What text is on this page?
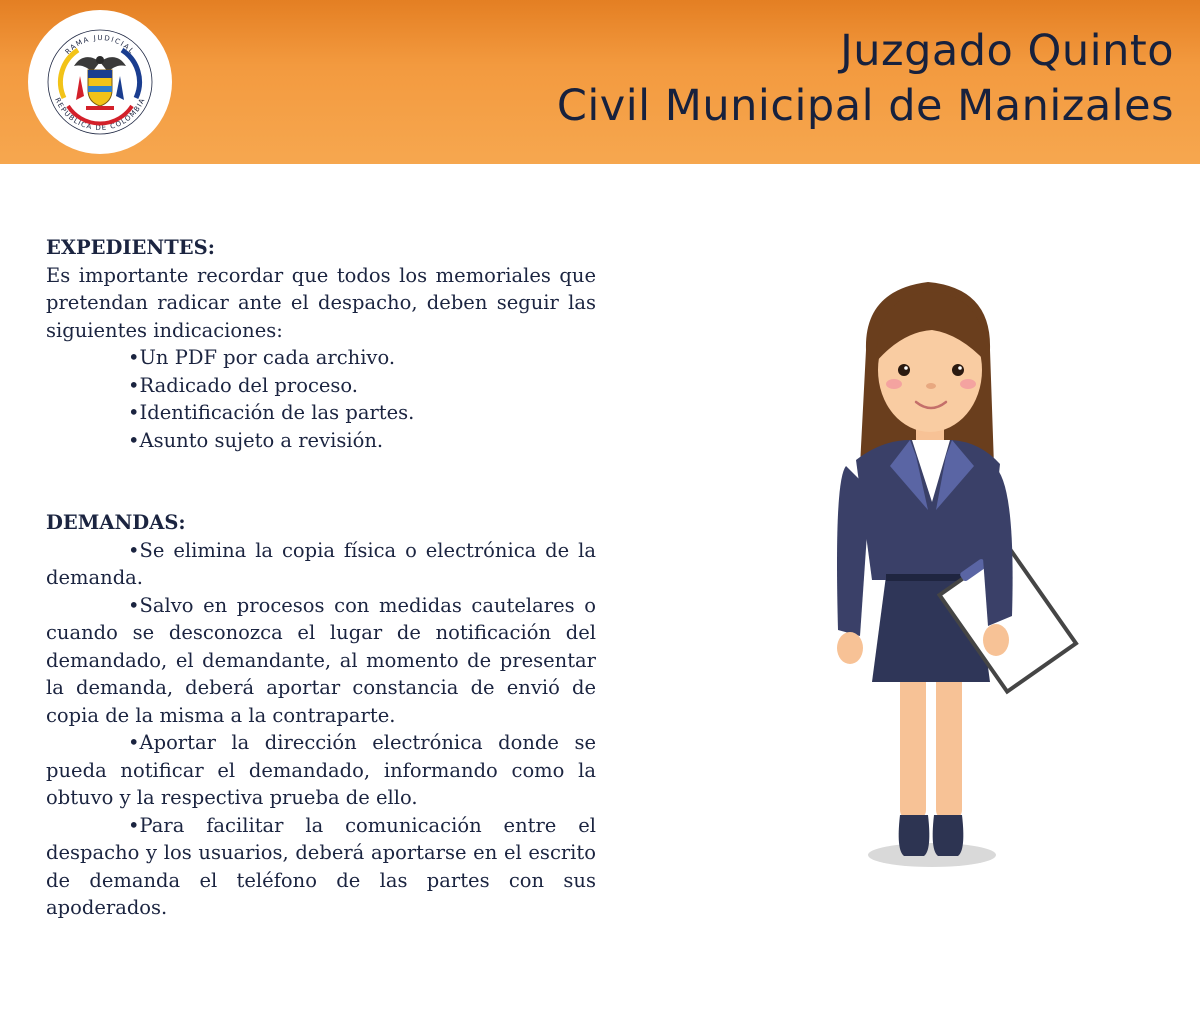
RAMA JUDICIAL
REPÚBLICA DE COLOMBIA
Juzgado Quinto
Civil Municipal de Manizales
EXPEDIENTES:
Es importante recordar que todos los memoriales que pretendan radicar ante el despacho, deben seguir las siguientes indicaciones:
•Un PDF por cada archivo.
•Radicado del proceso.
•Identificación de las partes.
•Asunto sujeto a revisión.
DEMANDAS:
•Se elimina la copia física o electrónica de la demanda.
•Salvo en procesos con medidas cautelares o cuando se desconozca el lugar de notificación del demandado, el demandante, al momento de presentar la demanda, deberá aportar constancia de envió de copia de la misma a la contraparte.
•Aportar la dirección electrónica donde se pueda notificar el demandado, informando como la obtuvo y la respectiva prueba de ello.
•Para facilitar la comunicación entre el despacho y los usuarios, deberá aportarse en el escrito de demanda el teléfono de las partes con sus apoderados.
